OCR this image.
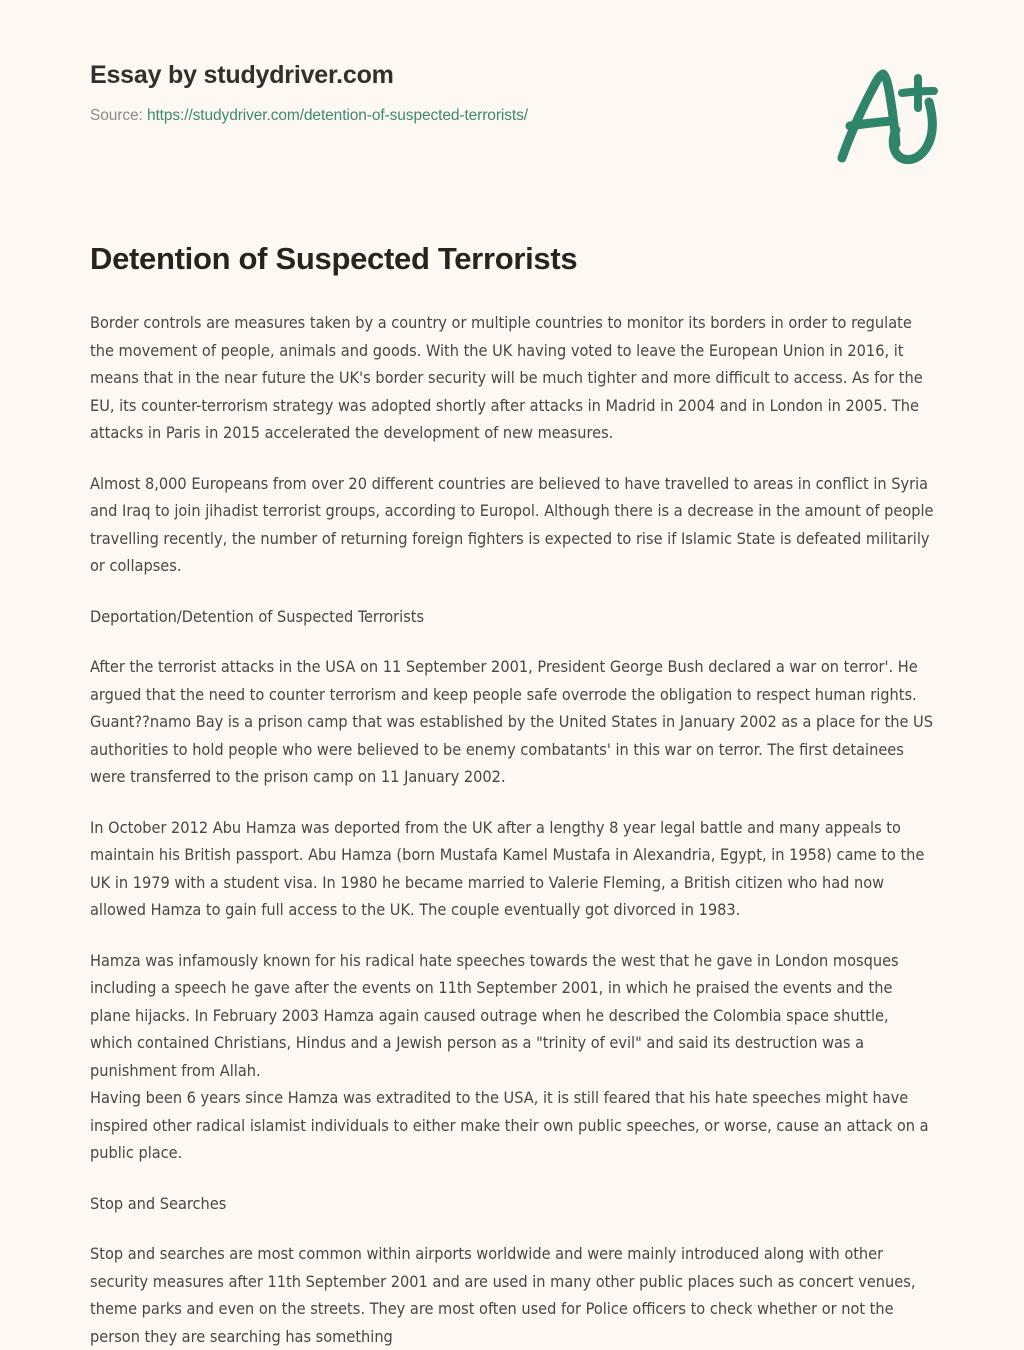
Essay by studydriver.com
Source: https://studydriver.com/detention-of-suspected-terrorists/
Detention of Suspected Terrorists

Border controls are measures taken by a country or multiple countries to monitor its borders in order to regulate the movement of people, animals and goods. With the UK having voted to leave the European Union in 2016, it means that in the near future the UK's border security will be much tighter and more difficult to access. As for the EU, its counter-terrorism strategy was adopted shortly after attacks in Madrid in 2004 and in London in 2005. The attacks in Paris in 2015 accelerated the development of new measures.

Almost 8,000 Europeans from over 20 different countries are believed to have travelled to areas in conflict in Syria and Iraq to join jihadist terrorist groups, according to Europol. Although there is a decrease in the amount of people travelling recently, the number of returning foreign fighters is expected to rise if Islamic State is defeated militarily or collapses.

Deportation/Detention of Suspected Terrorists

After the terrorist attacks in the USA on 11 September 2001, President George Bush declared a war on terror'. He argued that the need to counter terrorism and keep people safe overrode the obligation to respect human rights. Guant??namo Bay is a prison camp that was established by the United States in January 2002 as a place for the US authorities to hold people who were believed to be enemy combatants' in this war on terror. The first detainees were transferred to the prison camp on 11 January 2002.

In October 2012 Abu Hamza was deported from the UK after a lengthy 8 year legal battle and many appeals to maintain his British passport. Abu Hamza (born Mustafa Kamel Mustafa in Alexandria, Egypt, in 1958) came to the UK in 1979 with a student visa. In 1980 he became married to Valerie Fleming, a British citizen who had now allowed Hamza to gain full access to the UK. The couple eventually got divorced in 1983.

Hamza was infamously known for his radical hate speeches towards the west that he gave in London mosques including a speech he gave after the events on 11th September 2001, in which he praised the events and the plane hijacks. In February 2003 Hamza again caused outrage when he described the Colombia space shuttle, which contained Christians, Hindus and a Jewish person as a "trinity of evil" and said its destruction was a punishment from Allah.

Having been 6 years since Hamza was extradited to the USA, it is still feared that his hate speeches might have inspired other radical islamist individuals to either make their own public speeches, or worse, cause an attack on a public place.

Stop and Searches

Stop and searches are most common within airports worldwide and were mainly introduced along with other security measures after 11th September 2001 and are used in many other public places such as concert venues, theme parks and even on the streets. They are most often used for Police officers to check whether or not the person they are searching has something
